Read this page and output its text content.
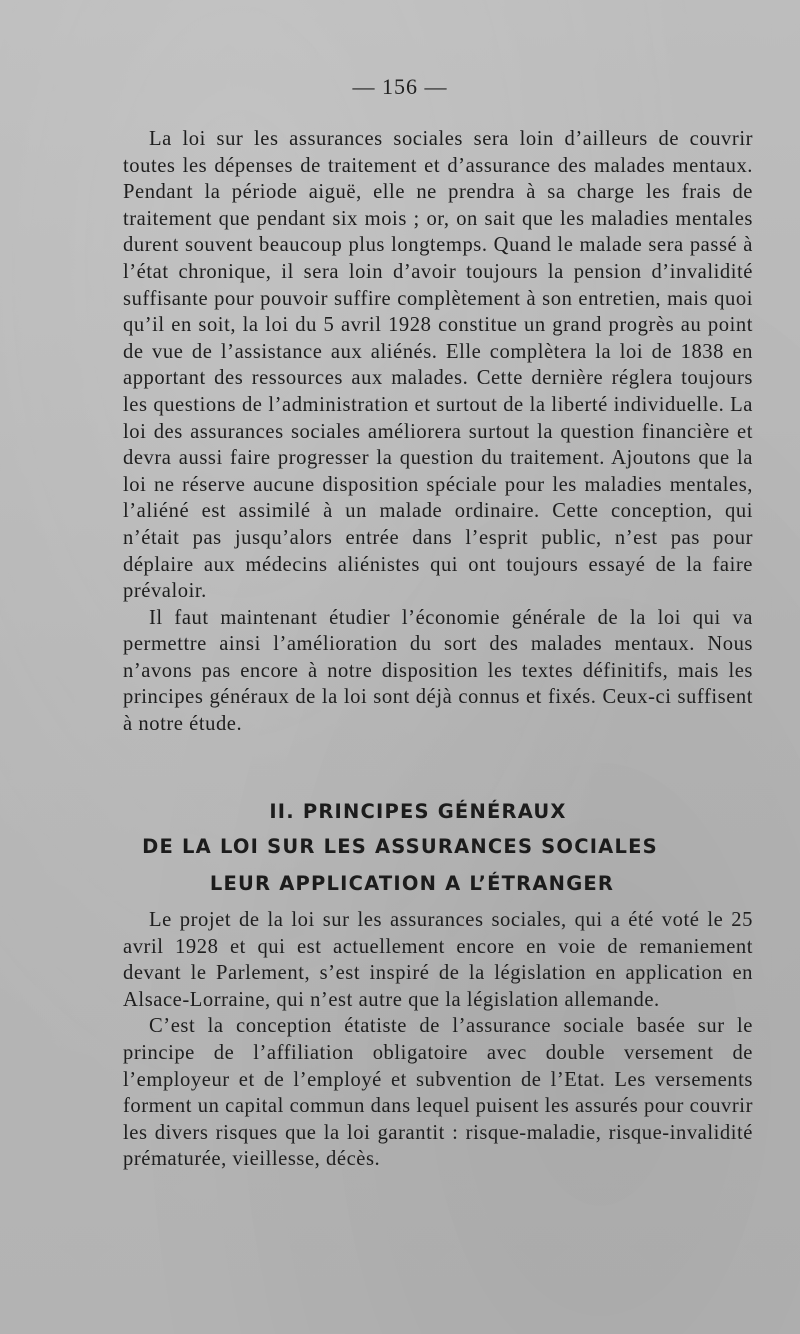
— 156 —

La loi sur les assurances sociales sera loin d’ailleurs de couvrir toutes les dépenses de traitement et d’assurance des malades mentaux. Pendant la période aiguë, elle ne prendra à sa charge les frais de traitement que pendant six mois ; or, on sait que les maladies mentales durent souvent beaucoup plus longtemps. Quand le malade sera passé à l’état chronique, il sera loin d’avoir toujours la pension d’invalidité suffisante pour pouvoir suffire complètement à son entretien, mais quoi qu’il en soit, la loi du 5 avril 1928 constitue un grand progrès au point de vue de l’assistance aux aliénés. Elle complètera la loi de 1838 en apportant des ressources aux malades. Cette dernière réglera toujours les questions de l’administration et surtout de la liberté individuelle. La loi des assurances sociales améliorera surtout la question financière et devra aussi faire progresser la question du traitement. Ajoutons que la loi ne réserve aucune disposition spéciale pour les maladies mentales, l’aliéné est assimilé à un malade ordinaire. Cette conception, qui n’était pas jusqu’alors entrée dans l’esprit public, n’est pas pour déplaire aux médecins aliénistes qui ont toujours essayé de la faire prévaloir.

Il faut maintenant étudier l’économie générale de la loi qui va permettre ainsi l’amélioration du sort des malades mentaux. Nous n’avons pas encore à notre disposition les textes définitifs, mais les principes généraux de la loi sont déjà connus et fixés. Ceux-ci suffisent à notre étude.

II. PRINCIPES GÉNÉRAUX
DE LA LOI SUR LES ASSURANCES SOCIALES
LEUR APPLICATION A L’ÉTRANGER

Le projet de la loi sur les assurances sociales, qui a été voté le 25 avril 1928 et qui est actuellement encore en voie de remaniement devant le Parlement, s’est inspiré de la législation en application en Alsace-Lorraine, qui n’est autre que la législation allemande.

C’est la conception étatiste de l’assurance sociale basée sur le principe de l’affiliation obligatoire avec double versement de l’employeur et de l’employé et subvention de l’Etat. Les versements forment un capital commun dans lequel puisent les assurés pour couvrir les divers risques que la loi garantit : risque-maladie, risque-invalidité prématurée, vieillesse, décès.
